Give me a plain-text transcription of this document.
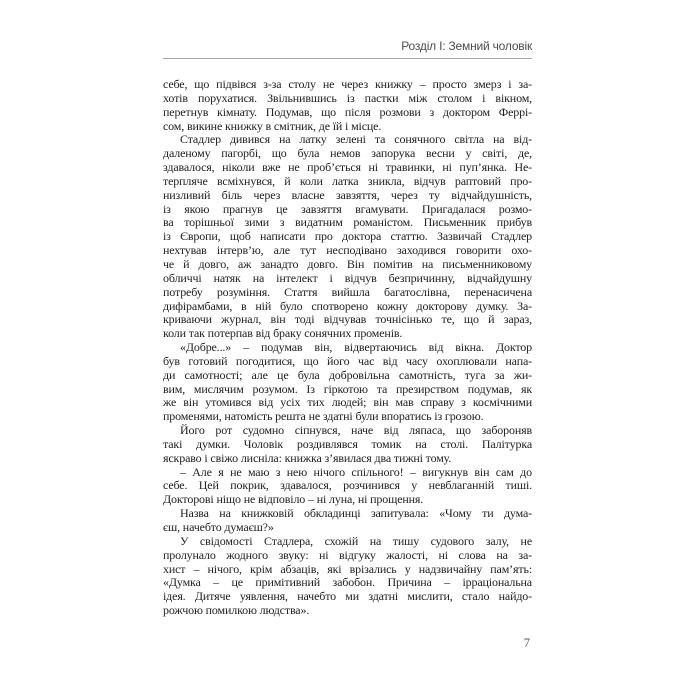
Розділ І: Земний чоловік
себе, що підвівся з-за столу не через книжку – просто змерз і за-
хотів порухатися. Звільнившись із пастки між столом і вікном,
перетнув кімнату. Подумав, що після розмови з доктором Феррі-
сом, викине книжку в смітник, де їй і місце.
Стадлер дивився на латку зелені та сонячного світла на від-
даленому пагорбі, що була немов запорука весни у світі, де,
здавалося, ніколи вже не проб’ється ні травинки, ні пуп’янка. Не-
терпляче всміхнувся, й коли латка зникла, відчув раптовий про-
низливий біль через власне завзяття, через ту відчайдушність,
із якою прагнув це завзяття вгамувати. Пригадалася розмо-
ва торішньої зими з видатним романістом. Письменник прибув
із Європи, щоб написати про доктора статтю. Зазвичай Стадлер
нехтував інтерв’ю, але тут несподівано заходився говорити охо-
че й довго, аж занадто довго. Він помітив на письменниковому
обличчі натяк на інтелект і відчув безпричинну, відчайдушну
потребу розуміння. Стаття вийшла багатослівна, перенасичена
дифірамбами, в ній було спотворено кожну докторову думку. За-
криваючи журнал, він тоді відчував точнісінько те, що й зараз,
коли так потерпав від браку сонячних променів.
«Добре...» – подумав він, відвертаючись від вікна. Доктор
був готовий погодитися, що його час від часу охоплювали напа-
ди самотності; але це була добровільна самотність, туга за жи-
вим, мислячим розумом. Із гіркотою та презирством подумав, як
же він утомився від усіх тих людей; він мав справу з космічними
променями, натомість решта не здатні були впоратись із грозою.
Його рот судомно сіпнувся, наче від ляпаса, що забороняв
такі думки. Чоловік роздивлявся томик на столі. Палітурка
яскраво і свіжо лисніла: книжка з’явилася два тижні тому.
– Але я не маю з нею нічого спільного! – вигукнув він сам до
себе. Цей покрик, здавалося, розчинився у невблаганній тиші.
Докторові ніщо не відповіло – ні луна, ні прощення.
Назва на книжковій обкладинці запитувала: «Чому ти дума-
єш, начебто думаєш?»
У свідомості Стадлера, схожій на тишу судового залу, не
пролунало жодного звуку: ні відгуку жалості, ні слова на за-
хист – нічого, крім абзаців, які врізались у надзвичайну пам’ять:
«Думка – це примітивний забобон. Причина – ірраціональна
ідея. Дитяче уявлення, начебто ми здатні мислити, стало найдо-
рожчою помилкою людства».
7
